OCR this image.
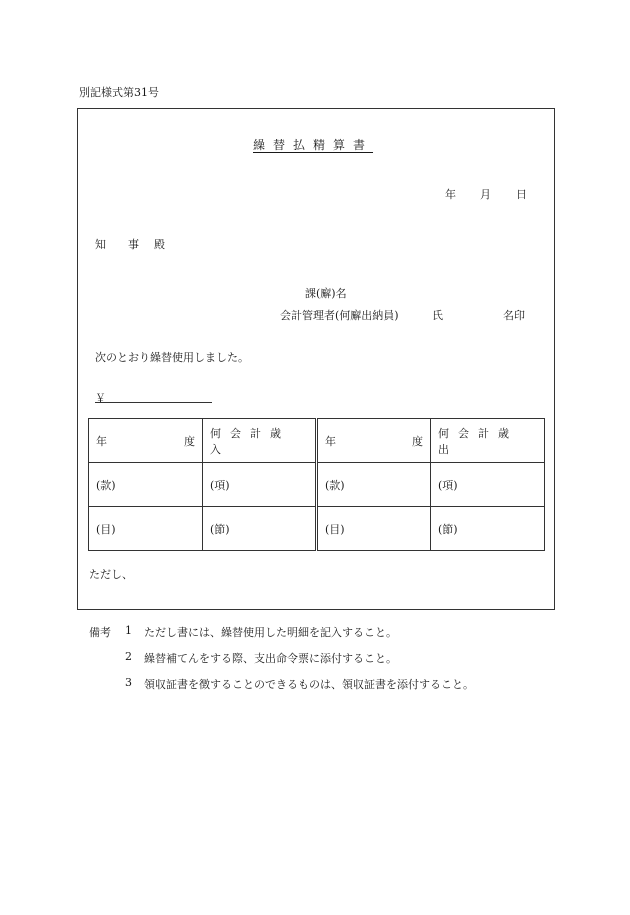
別記様式第31号
繰替払精算書
年 月 日
知 事 殿
課(廨)名
会計管理者(何廨出納員)	氏	名印
次のとおり繰替使用しました。
￥
年 度	何会計歳入	年 度	何会計歳出
(款)	(項)	(款)	(項)
(目)	(節)	(目)	(節)
ただし、
備考 1 ただし書には、繰替使用した明細を記入すること。
2 繰替補てんをする際、支出命令票に添付すること。
3 領収証書を徴することのできるものは、領収証書を添付すること。
